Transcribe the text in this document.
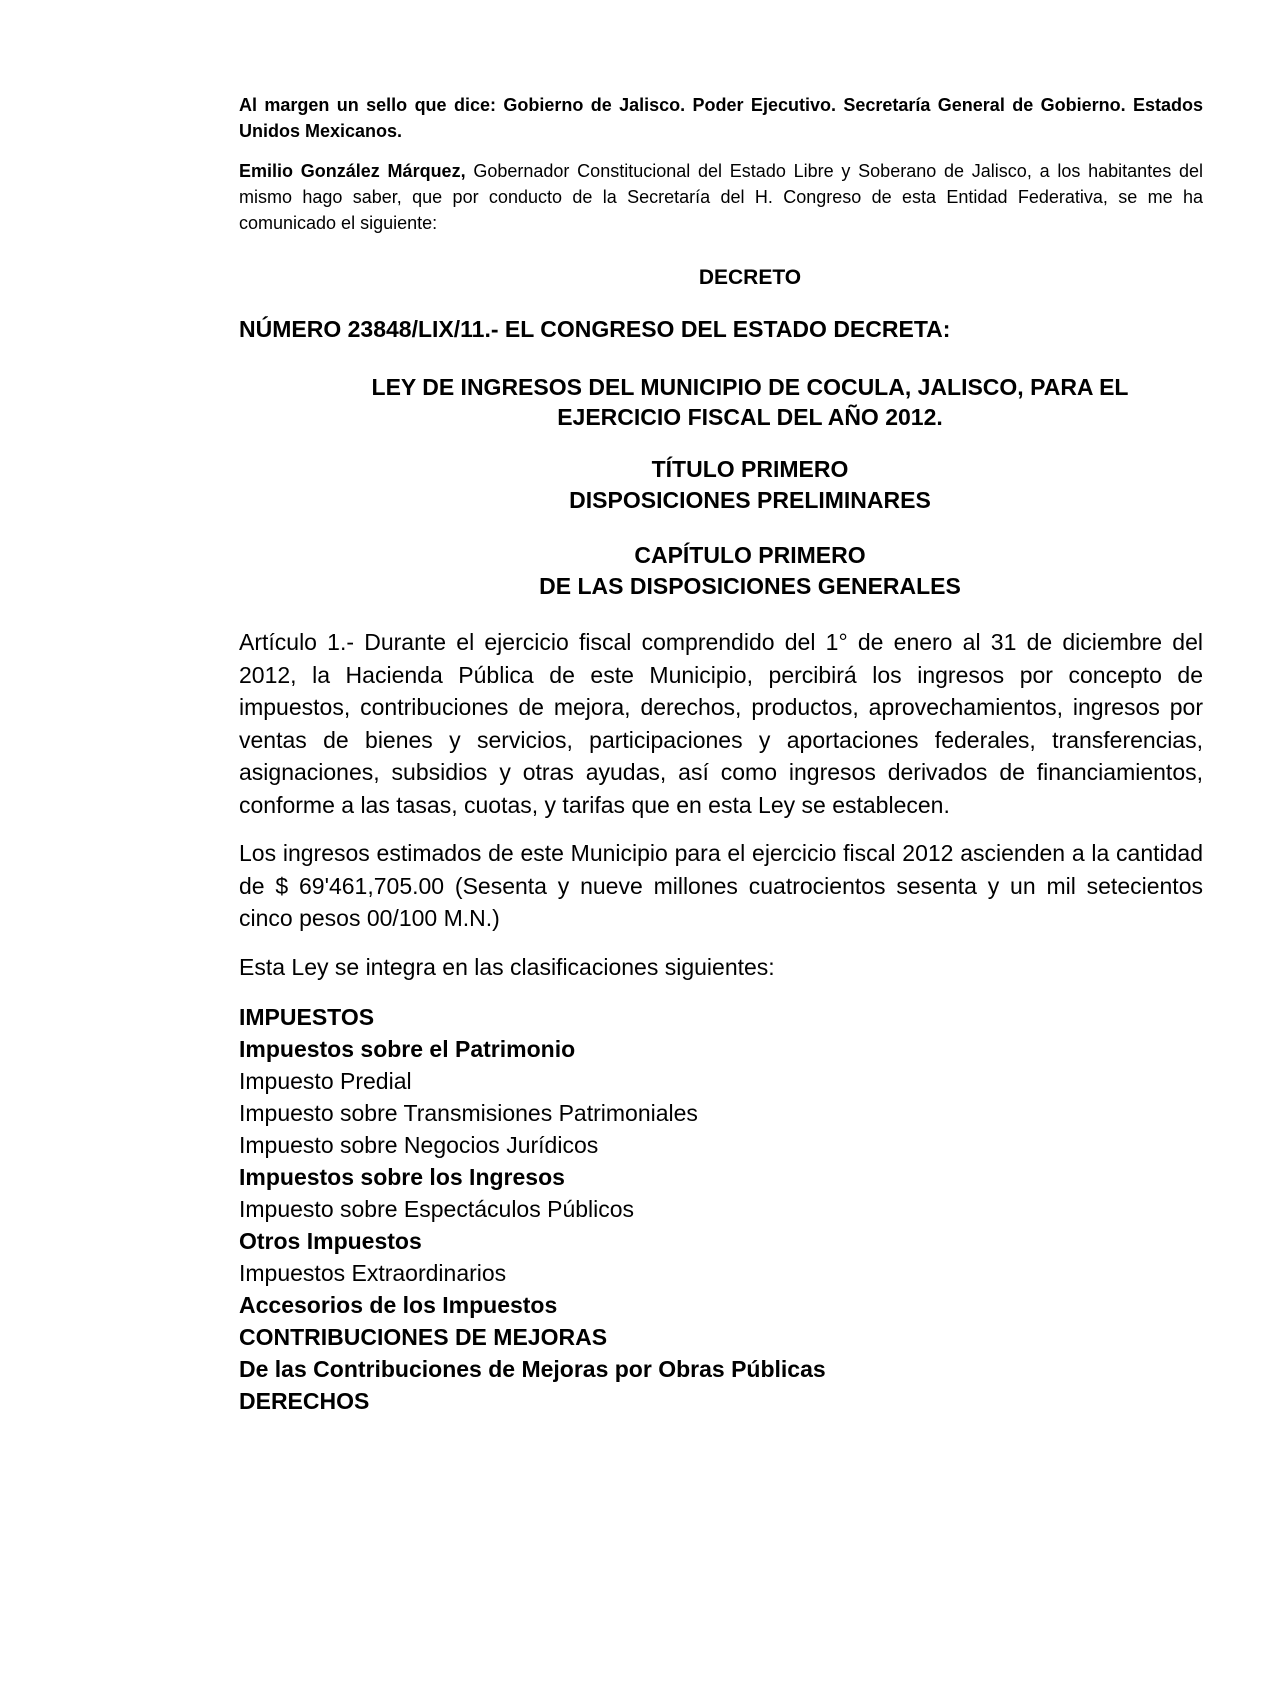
Al margen un sello que dice: Gobierno de Jalisco. Poder Ejecutivo. Secretaría General de Gobierno. Estados Unidos Mexicanos.

Emilio González Márquez, Gobernador Constitucional del Estado Libre y Soberano de Jalisco, a los habitantes del mismo hago saber, que por conducto de la Secretaría del H. Congreso de esta Entidad Federativa, se me ha comunicado el siguiente:

DECRETO
NÚMERO 23848/LIX/11.- EL CONGRESO DEL ESTADO DECRETA:
LEY DE INGRESOS DEL MUNICIPIO DE COCULA, JALISCO, PARA EL
EJERCICIO FISCAL DEL AÑO 2012.
TÍTULO PRIMERO
DISPOSICIONES PRELIMINARES
CAPÍTULO PRIMERO
DE LAS DISPOSICIONES GENERALES

Artículo 1.- Durante el ejercicio fiscal comprendido del 1° de enero al 31 de diciembre del 2012, la Hacienda Pública de este Municipio, percibirá los ingresos por concepto de impuestos, contribuciones de mejora, derechos, productos, aprovechamientos, ingresos por ventas de bienes y servicios, participaciones y aportaciones federales, transferencias, asignaciones, subsidios y otras ayudas, así como ingresos derivados de financiamientos, conforme a las tasas, cuotas, y tarifas que en esta Ley se establecen.

Los ingresos estimados de este Municipio para el ejercicio fiscal 2012 ascienden a la cantidad de $ 69'461,705.00 (Sesenta y nueve millones cuatrocientos sesenta y un mil setecientos cinco pesos 00/100 M.N.)

Esta Ley se integra en las clasificaciones siguientes:

IMPUESTOS
Impuestos sobre el Patrimonio
Impuesto Predial
Impuesto sobre Transmisiones Patrimoniales
Impuesto sobre Negocios Jurídicos
Impuestos sobre los Ingresos
Impuesto sobre Espectáculos Públicos
Otros Impuestos
Impuestos Extraordinarios
Accesorios de los Impuestos
CONTRIBUCIONES DE MEJORAS
De las Contribuciones de Mejoras por Obras Públicas
DERECHOS
